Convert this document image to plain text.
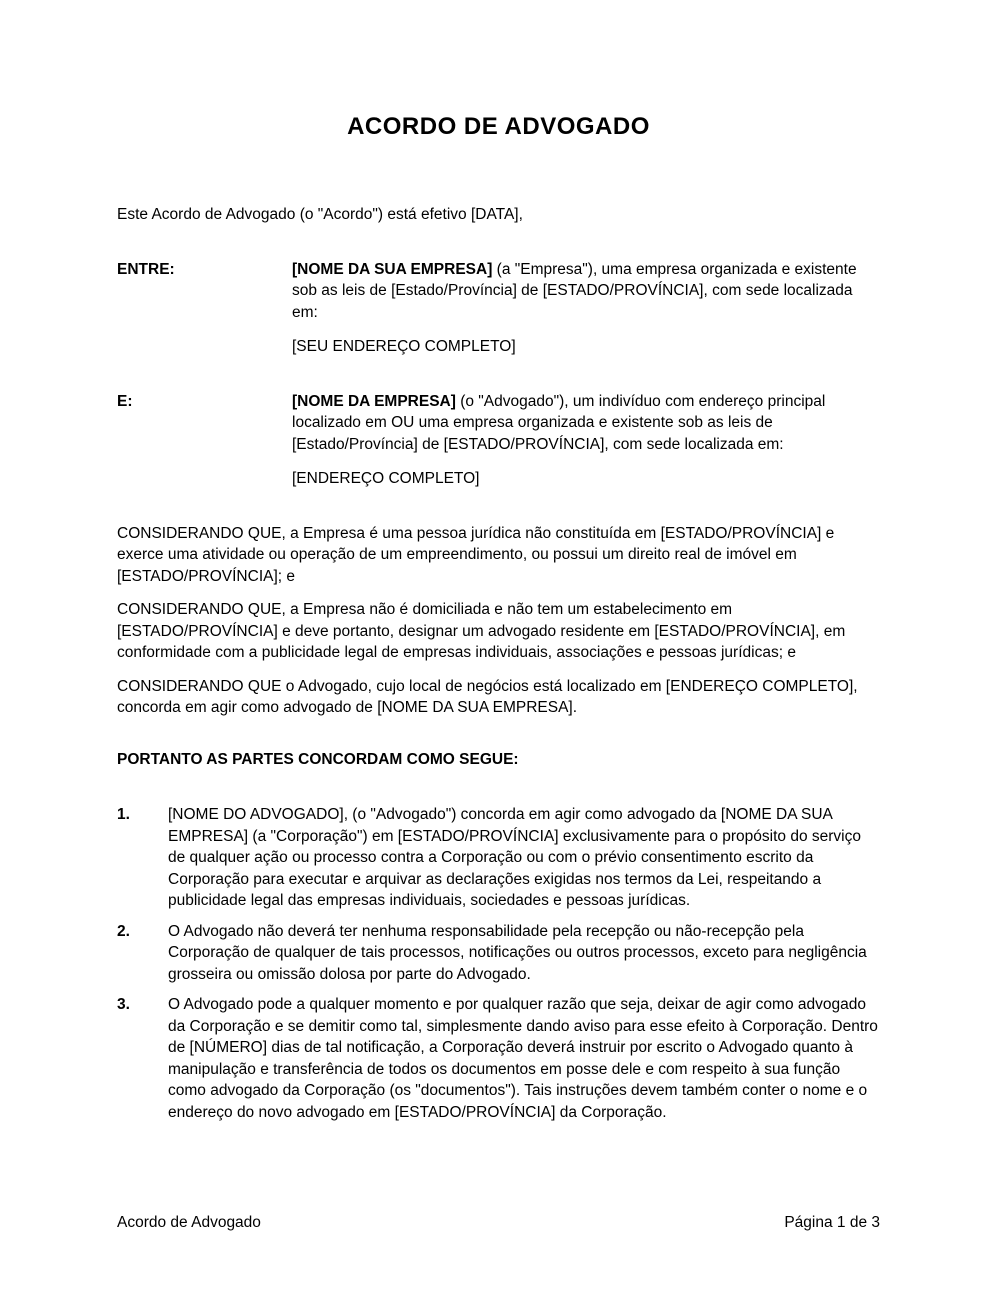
ACORDO DE ADVOGADO

Este Acordo de Advogado (o "Acordo") está efetivo [DATA],

ENTRE:	[NOME DA SUA EMPRESA] (a "Empresa"), uma empresa organizada e existente sob as leis de [Estado/Província] de [ESTADO/PROVÍNCIA], com sede localizada em:

[SEU ENDEREÇO COMPLETO]

E:	[NOME DA EMPRESA] (o "Advogado"), um indivíduo com endereço principal localizado em OU uma empresa organizada e existente sob as leis de [Estado/Província] de [ESTADO/PROVÍNCIA], com sede localizada em:

[ENDEREÇO COMPLETO]

CONSIDERANDO QUE, a Empresa é uma pessoa jurídica não constituída em [ESTADO/PROVÍNCIA] e exerce uma atividade ou operação de um empreendimento, ou possui um direito real de imóvel em [ESTADO/PROVÍNCIA]; e

CONSIDERANDO QUE, a Empresa não é domiciliada e não tem um estabelecimento em [ESTADO/PROVÍNCIA] e deve portanto, designar um advogado residente em [ESTADO/PROVÍNCIA], em conformidade com a publicidade legal de empresas individuais, associações e pessoas jurídicas; e

CONSIDERANDO QUE o Advogado, cujo local de negócios está localizado em [ENDEREÇO COMPLETO], concorda em agir como advogado de [NOME DA SUA EMPRESA].

PORTANTO AS PARTES CONCORDAM COMO SEGUE:

1.	[NOME DO ADVOGADO], (o "Advogado") concorda em agir como advogado da [NOME DA SUA EMPRESA] (a "Corporação") em [ESTADO/PROVÍNCIA] exclusivamente para o propósito do serviço de qualquer ação ou processo contra a Corporação ou com o prévio consentimento escrito da Corporação para executar e arquivar as declarações exigidas nos termos da Lei, respeitando a publicidade legal das empresas individuais, sociedades e pessoas jurídicas.
2.	O Advogado não deverá ter nenhuma responsabilidade pela recepção ou não-recepção pela Corporação de qualquer de tais processos, notificações ou outros processos, exceto para negligência grosseira ou omissão dolosa por parte do Advogado.
3.	O Advogado pode a qualquer momento e por qualquer razão que seja, deixar de agir como advogado da Corporação e se demitir como tal, simplesmente dando aviso para esse efeito à Corporação. Dentro de [NÚMERO] dias de tal notificação, a Corporação deverá instruir por escrito o Advogado quanto à manipulação e transferência de todos os documentos em posse dele e com respeito à sua função como advogado da Corporação (os "documentos"). Tais instruções devem também conter o nome e o endereço do novo advogado em [ESTADO/PROVÍNCIA] da Corporação.
Acordo de Advogado	Página 1 de 3
